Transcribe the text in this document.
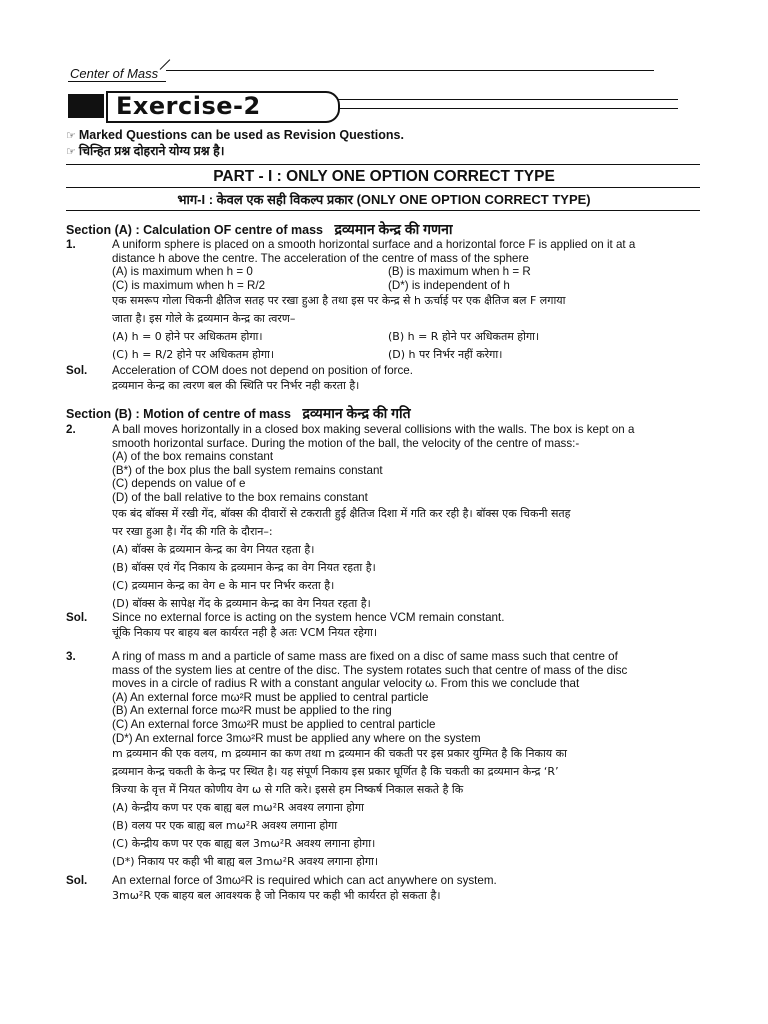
Center of Mass
Exercise-2
☞ Marked Questions can be used as Revision Questions.
☞ चिन्हित प्रश्न दोहराने योग्य प्रश्न है।
PART - I : ONLY ONE OPTION CORRECT TYPE
भाग-I : केवल एक सही विकल्प प्रकार (ONLY ONE OPTION CORRECT TYPE)
Section (A) : Calculation OF centre of mass द्रव्यमान केन्द्र की गणना
1.	A uniform sphere is placed on a smooth horizontal surface and a horizontal force F is applied on it at a

distance h above the centre. The acceleration of the centre of mass of the sphere

(A) is maximum when h = 0	(B) is maximum when h = R
(C) is maximum when h = R/2	(D*) is independent of h

एक समरूप गोला चिकनी क्षैतिज सतह पर रखा हुआ है तथा इस पर केन्द्र से h ऊर्चाई पर एक क्षैतिज बल F लगाया

जाता है। इस गोले के द्रव्यमान केन्द्र का त्वरण–

(A) h = 0 होने पर अधिकतम होगा।	(B) h = R होने पर अधिकतम होगा।
(C) h = R/2 होने पर अधिकतम होगा।	(D) h पर निर्भर नहीं करेगा।
Sol. Acceleration of COM does not depend on position of force.

द्रव्यमान केन्द्र का त्वरण बल की स्थिति पर निर्भर नही करता है।

Section (B) : Motion of centre of mass द्रव्यमान केन्द्र की गति
2.	A ball moves horizontally in a closed box making several collisions with the walls. The box is kept on a

smooth horizontal surface. During the motion of the ball, the velocity of the centre of mass:-

(A) of the box remains constant

(B*) of the box plus the ball system remains constant

(C) depends on value of e

(D) of the ball relative to the box remains constant

एक बंद बॉक्स में रखी गेंद, बॉक्स की दीवारों से टकराती हुई क्षैतिज दिशा में गति कर रही है। बॉक्स एक चिकनी सतह

पर रखा हुआ है। गेंद की गति के दौरान–:

(A) बॉक्स के द्रव्यमान केन्द्र का वेग नियत रहता है।

(B) बॉक्स एवं गेंद निकाय के द्रव्यमान केन्द्र का वेग नियत रहता है।

(C) द्रव्यमान केन्द्र का वेग e के मान पर निर्भर करता है।

(D) बॉक्स के सापेक्ष गेंद के द्रव्यमान केन्द्र का वेग नियत रहता है।

Sol. Since no external force is acting on the system hence VCM remain constant.

चूंकि निकाय पर बाहय बल कार्यरत नही है अतः VCM नियत रहेगा।

3.	A ring of mass m and a particle of same mass are fixed on a disc of same mass such that centre of

mass of the system lies at centre of the disc. The system rotates such that centre of mass of the disc

moves in a circle of radius R with a constant angular velocity ω. From this we conclude that

(A) An external force mω²R must be applied to central particle

(B) An external force mω²R must be applied to the ring

(C) An external force 3mω²R must be applied to central particle

(D*) An external force 3mω²R must be applied any where on the system

m द्रव्यमान की एक वलय, m द्रव्यमान का कण तथा m द्रव्यमान की चकती पर इस प्रकार युग्मित है कि निकाय का

द्रव्यमान केन्द्र चकती के केन्द्र पर स्थित है। यह संपूर्ण निकाय इस प्रकार घूर्णित है कि चकती का द्रव्यमान केन्द्र ‘R’

त्रिज्या के वृत्त में नियत कोणीय वेग ω से गति करे। इससे हम निष्कर्ष निकाल सकते है कि

(A) केन्द्रीय कण पर एक बाह्य बल mω²R अवश्य लगाना होगा

(B) वलय पर एक बाह्य बल mω²R अवश्य लगाना होगा

(C) केन्द्रीय कण पर एक बाह्य बल 3mω²R अवश्य लगाना होगा।

(D*) निकाय पर कही भी बाह्य बल 3mω²R अवश्य लगाना होगा।

Sol. An external force of 3mω²R is required which can act anywhere on system.

3mω²R एक बाहय बल आवश्यक है जो निकाय पर कही भी कार्यरत हो सकता है।
